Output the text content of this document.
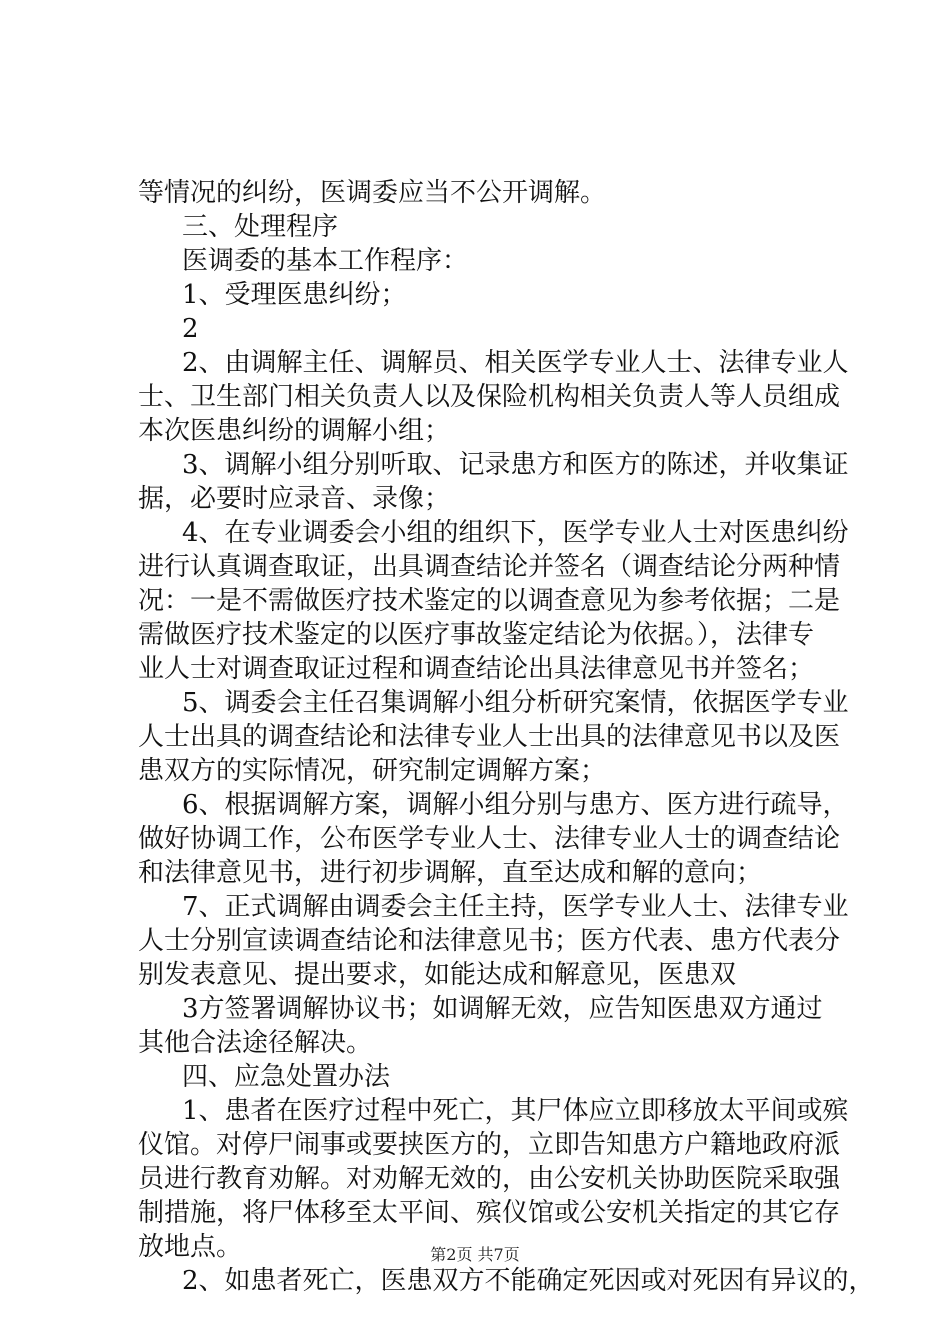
等情况的纠纷，医调委应当不公开调解。
三、处理程序
医调委的基本工作程序：
1、受理医患纠纷；
2
2、由调解主任、调解员、相关医学专业人士、法律专业人
士、卫生部门相关负责人以及保险机构相关负责人等人员组成
本次医患纠纷的调解小组；
3、调解小组分别听取、记录患方和医方的陈述，并收集证
据，必要时应录音、录像；
4、在专业调委会小组的组织下，医学专业人士对医患纠纷
进行认真调查取证，出具调查结论并签名（调查结论分两种情
况：一是不需做医疗技术鉴定的以调查意见为参考依据；二是
需做医疗技术鉴定的以医疗事故鉴定结论为依据。），法律专
业人士对调查取证过程和调查结论出具法律意见书并签名；
5、调委会主任召集调解小组分析研究案情，依据医学专业
人士出具的调查结论和法律专业人士出具的法律意见书以及医
患双方的实际情况，研究制定调解方案；
6、根据调解方案，调解小组分别与患方、医方进行疏导，
做好协调工作，公布医学专业人士、法律专业人士的调查结论
和法律意见书，进行初步调解，直至达成和解的意向；
7、正式调解由调委会主任主持，医学专业人士、法律专业
人士分别宣读调查结论和法律意见书；医方代表、患方代表分
别发表意见、提出要求，如能达成和解意见，医患双
3方签署调解协议书；如调解无效，应告知医患双方通过
其他合法途径解决。
四、应急处置办法
1、患者在医疗过程中死亡，其尸体应立即移放太平间或殡
仪馆。对停尸闹事或要挟医方的，立即告知患方户籍地政府派
员进行教育劝解。对劝解无效的，由公安机关协助医院采取强
制措施，将尸体移至太平间、殡仪馆或公安机关指定的其它存
放地点。
2、如患者死亡，医患双方不能确定死因或对死因有异议的，
第2页 共7页
